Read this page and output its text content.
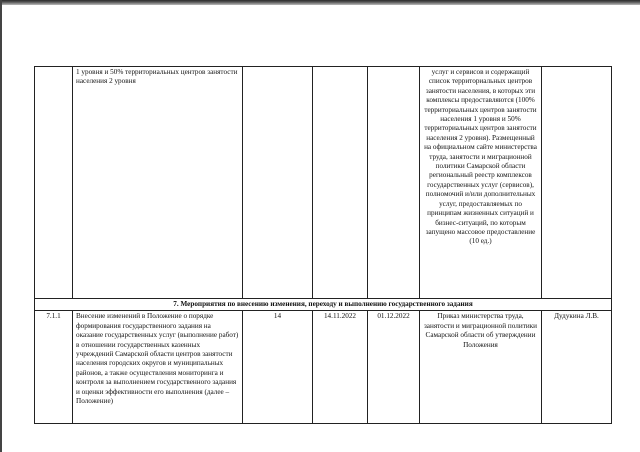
	1 уровня и 50% территориальных центров занятости населения 2 уровня				услуг и сервисов и содержащий список территориальных центров занятости населения, в которых эти комплексы предоставляются (100% территориальных центров занятости населения 1 уровня и 50% территориальных центров занятости населения 2 уровня). Размещенный на официальном сайте министерства труда, занятости и миграционной политики Самарской области региональный реестр комплексов государственных услуг (сервисов), полномочий и/или дополнительных услуг, предоставляемых по принципам жизненных ситуаций и бизнес-ситуаций, по которым запущено массовое предоставление (10 ед.)	
7. Мероприятия по внесению изменения, переходу и выполнению государственного задания						
7.1.1	Внесение изменений в Положение о порядке формирования государственного задания на оказание государственных услуг (выполнение работ) в отношении государственных казенных учреждений Самарской области центров занятости населения городских округов и муниципальных районов, а также осуществления мониторинга и контроля за выполнением государственного задания и оценки эффективности его выполнения (далее – Положение)	14	14.11.2022	01.12.2022	Приказ министерства труда, занятости и миграционной политики Самарской области об утверждении Положения	Дудукина Л.В.
